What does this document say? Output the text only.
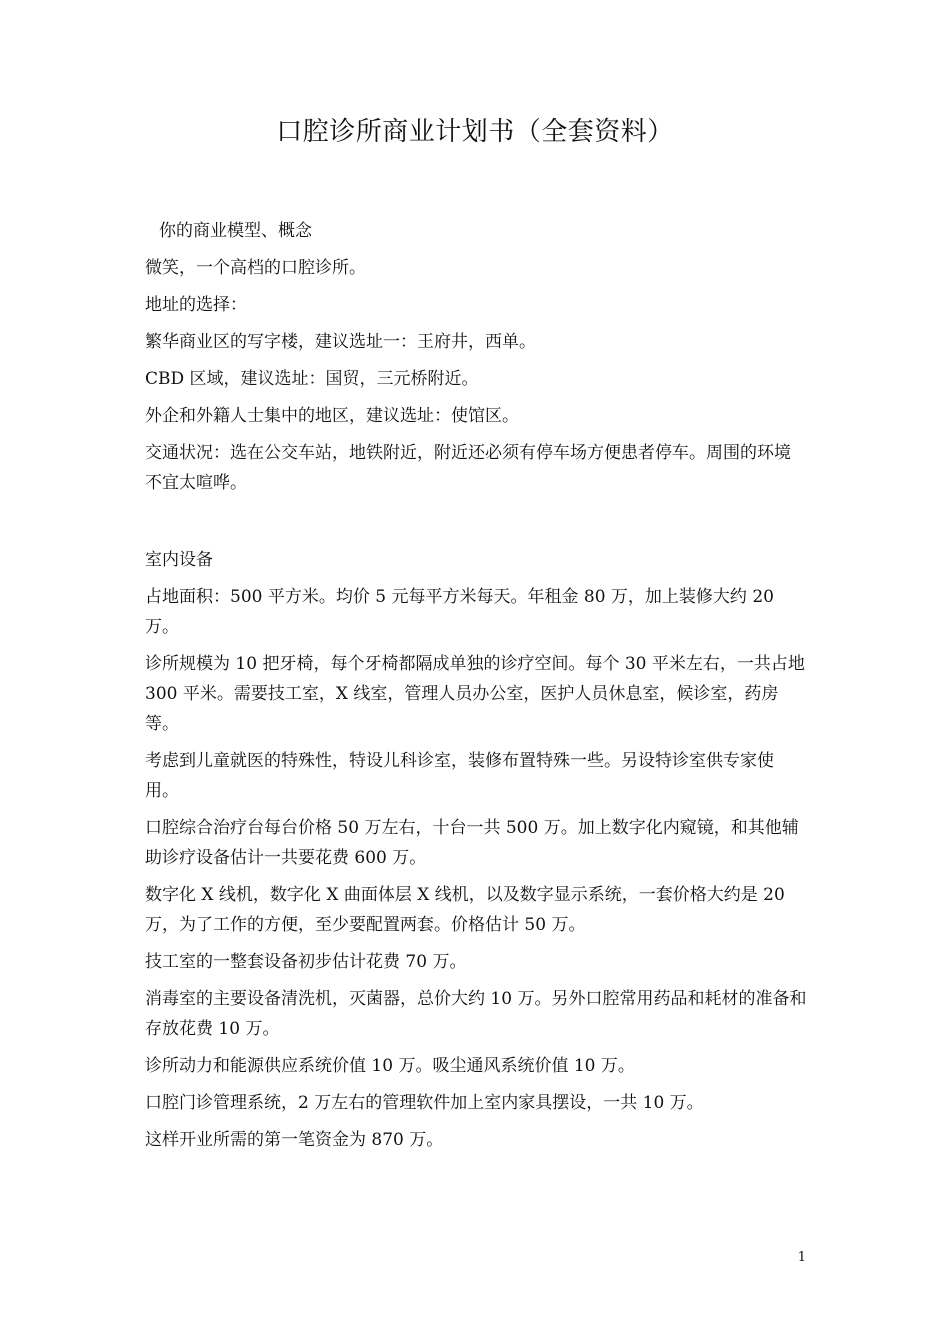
口腔诊所商业计划书（全套资料）

你的商业模型、概念

微笑，一个高档的口腔诊所。

地址的选择：

繁华商业区的写字楼，建议选址一：王府井，西单。

CBD 区域，建议选址：国贸，三元桥附近。

外企和外籍人士集中的地区，建议选址：使馆区。

交通状况：选在公交车站，地铁附近，附近还必须有停车场方便患者停车。周围的环境不宜太喧哗。

室内设备

占地面积：500 平方米。均价 5 元每平方米每天。年租金 80 万，加上装修大约 20 万。

诊所规模为 10 把牙椅，每个牙椅都隔成单独的诊疗空间。每个 30 平米左右，一共占地 300 平米。需要技工室，X 线室，管理人员办公室，医护人员休息室，候诊室，药房等。

考虑到儿童就医的特殊性，特设儿科诊室，装修布置特殊一些。另设特诊室供专家使用。

口腔综合治疗台每台价格 50 万左右，十台一共 500 万。加上数字化内窥镜，和其他辅助诊疗设备估计一共要花费 600 万。

数字化 X 线机，数字化 X 曲面体层 X 线机，以及数字显示系统，一套价格大约是 20 万，为了工作的方便，至少要配置两套。价格估计 50 万。

技工室的一整套设备初步估计花费 70 万。

消毒室的主要设备清洗机，灭菌器，总价大约 10 万。另外口腔常用药品和耗材的准备和存放花费 10 万。

诊所动力和能源供应系统价值 10 万。吸尘通风系统价值 10 万。

口腔门诊管理系统，2 万左右的管理软件加上室内家具摆设，一共 10 万。

这样开业所需的第一笔资金为 870 万。

1
